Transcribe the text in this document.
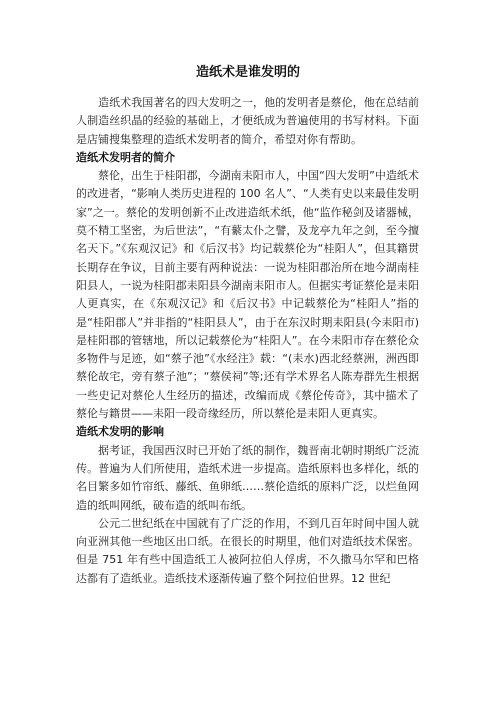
造纸术是谁发明的

造纸术我国著名的四大发明之一，他的发明者是蔡伦，他在总结前人制造丝织晶的经验的基础上，才便纸成为普遍使用的书写材料。下面是店铺搜集整理的造纸术发明者的简介，希望对你有帮助。

造纸术发明者的简介

蔡伦，出生于桂阳郡，今湖南耒阳市人，中国“四大发明”中造纸术的改进者，“影响人类历史进程的 100 名人”、“人类有史以来最佳发明家”之一。蔡伦的发明创新不止改进造纸术纸，他“监作秘剑及诸器械，莫不精工坚密，为后世法”，“有蘩太仆之譬，及龙亭九年之剑，至今擅名天下。”《东观汉记》和《后汉书》均记载蔡伦为“桂阳人”，但其籍贯长期存在争议，目前主要有两种说法：一说为桂阳郡治所在地今湖南桂阳县人，一说为桂阳郡耒阳县今湖南耒阳市人。但据实考证蔡伦是耒阳人更真实，在《东观汉记》和《后汉书》中记载蔡伦为“桂阳人”指的是“桂阳郡人”并非指的“桂阳县人”，由于在东汉时期耒阳县(今耒阳市)是桂阳郡的管辖地，所以记载蔡伦为“桂阳人”。在今耒阳市存在蔡伦众多物件与足迹，如“蔡子池”《水经注》载：“(耒水)西北经蔡洲，洲西即蔡伦故宅，旁有蔡子池”；“蔡侯祠”等;还有学术界名人陈寿群先生根据一些史记对蔡伦人生经历的描述，改编而成《蔡伦传奇》，其中描术了蔡伦与籍贯——耒阳一段奇缘经历，所以蔡伦是耒阳人更真实。

造纸术发明的影响

据考证，我国西汉时已开始了纸的制作，魏晋南北朝时期纸广泛流传。普遍为人们所使用，造纸术进一步提高。造纸原料也多样化，纸的名目繁多如竹帘纸、藤纸、鱼卵纸……蔡伦造纸的原料广泛，以烂鱼网造的纸叫网纸，破布造的纸叫布纸。

公元二世纪纸在中国就有了广泛的作用，不到几百年时间中国人就向亚洲其他一些地区出口纸。在很长的时期里，他们对造纸技术保密。但是 751 年有些中国造纸工人被阿拉伯人俘虏，不久撒马尔罕和巴格达都有了造纸业。造纸技术逐渐传遍了整个阿拉伯世界。12 世纪
